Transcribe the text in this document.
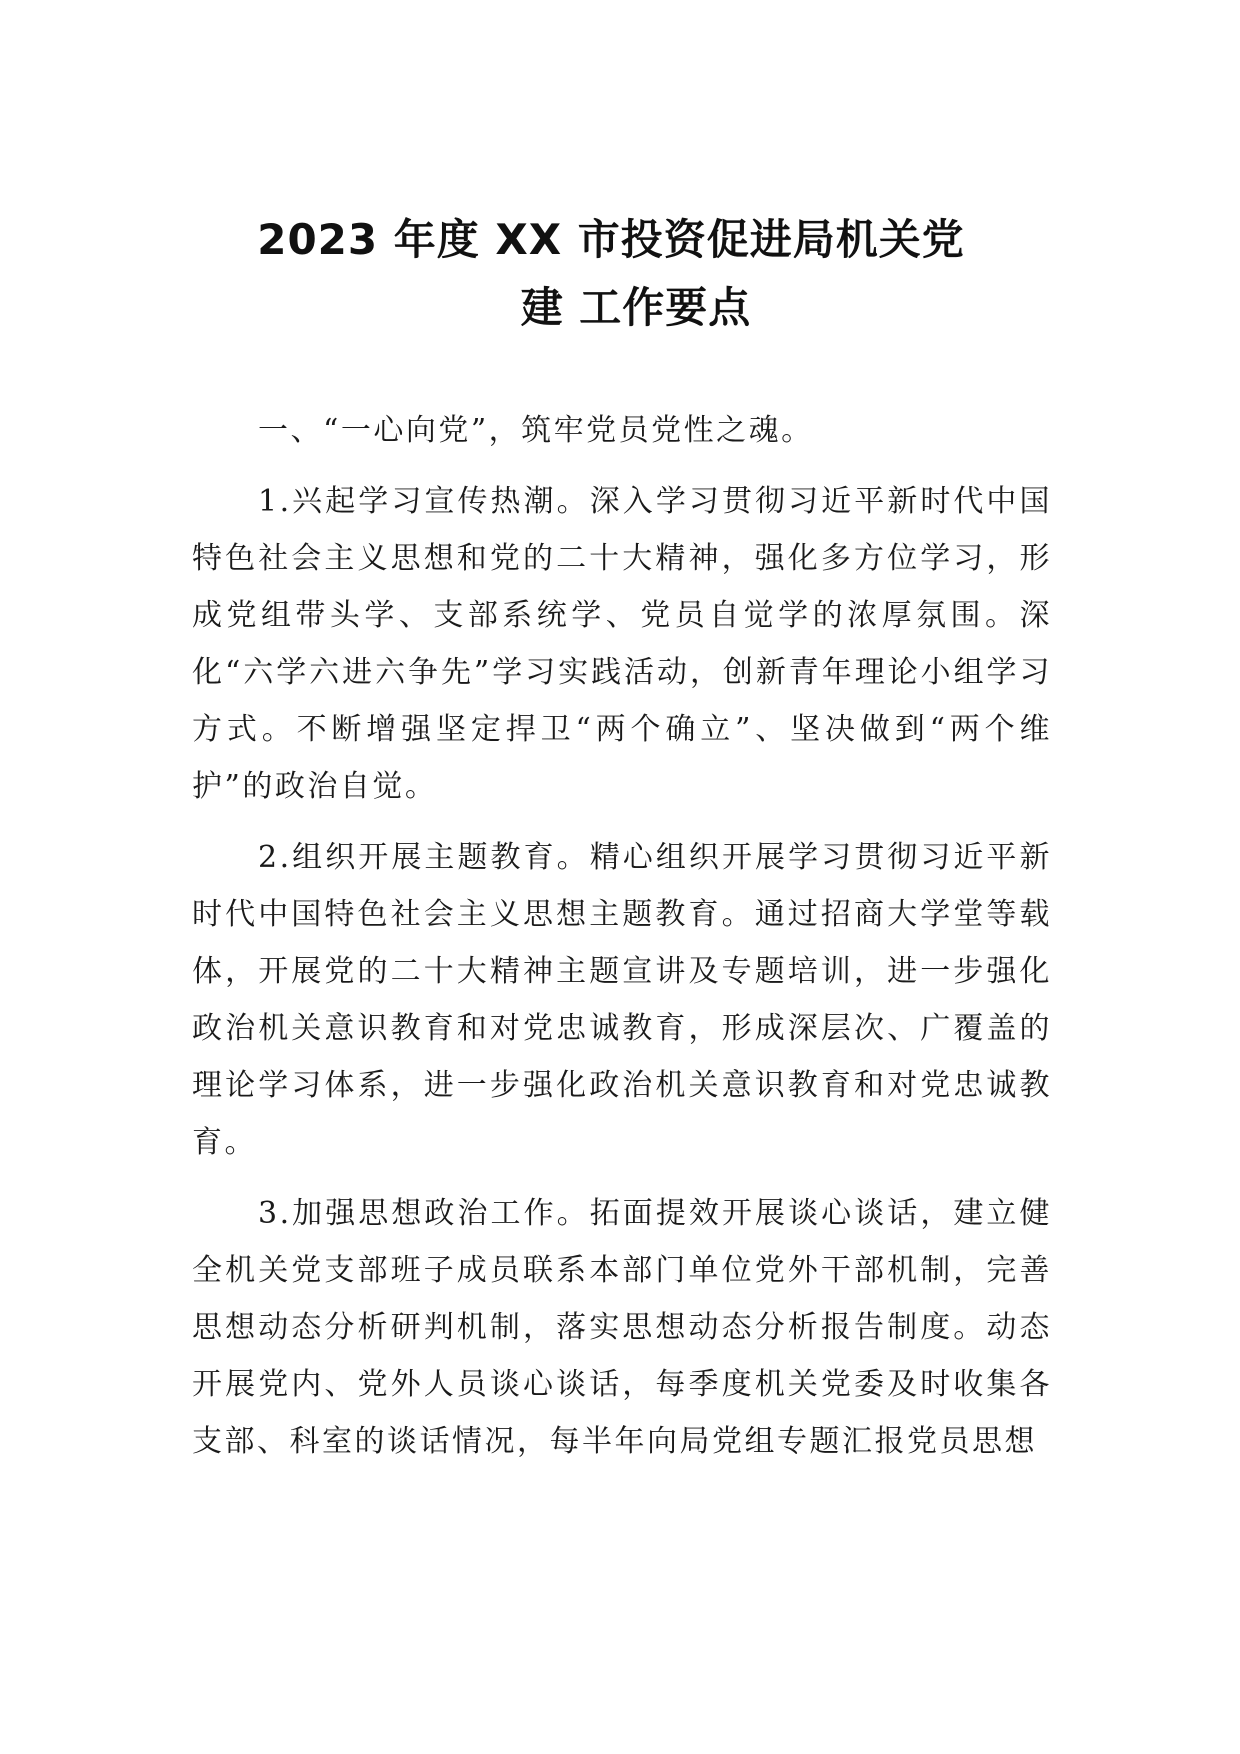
2023 年度 XX 市投资促进局机关党
建 工作要点

一、“一心向党”，筑牢党员党性之魂。

1.兴起学习宣传热潮。深入学习贯彻习近平新时代中国特色社会主义思想和党的二十大精神，强化多方位学习，形成党组带头学、支部系统学、党员自觉学的浓厚氛围。深化“六学六进六争先”学习实践活动，创新青年理论小组学习方式。不断增强坚定捍卫“两个确立”、坚决做到“两个维护”的政治自觉。

2.组织开展主题教育。精心组织开展学习贯彻习近平新时代中国特色社会主义思想主题教育。通过招商大学堂等载体，开展党的二十大精神主题宣讲及专题培训，进一步强化政治机关意识教育和对党忠诚教育，形成深层次、广覆盖的理论学习体系，进一步强化政治机关意识教育和对党忠诚教育。

3.加强思想政治工作。拓面提效开展谈心谈话，建立健全机关党支部班子成员联系本部门单位党外干部机制，完善思想动态分析研判机制，落实思想动态分析报告制度。动态开展党内、党外人员谈心谈话，每季度机关党委及时收集各支部、科室的谈话情况，每半年向局党组专题汇报党员思想
